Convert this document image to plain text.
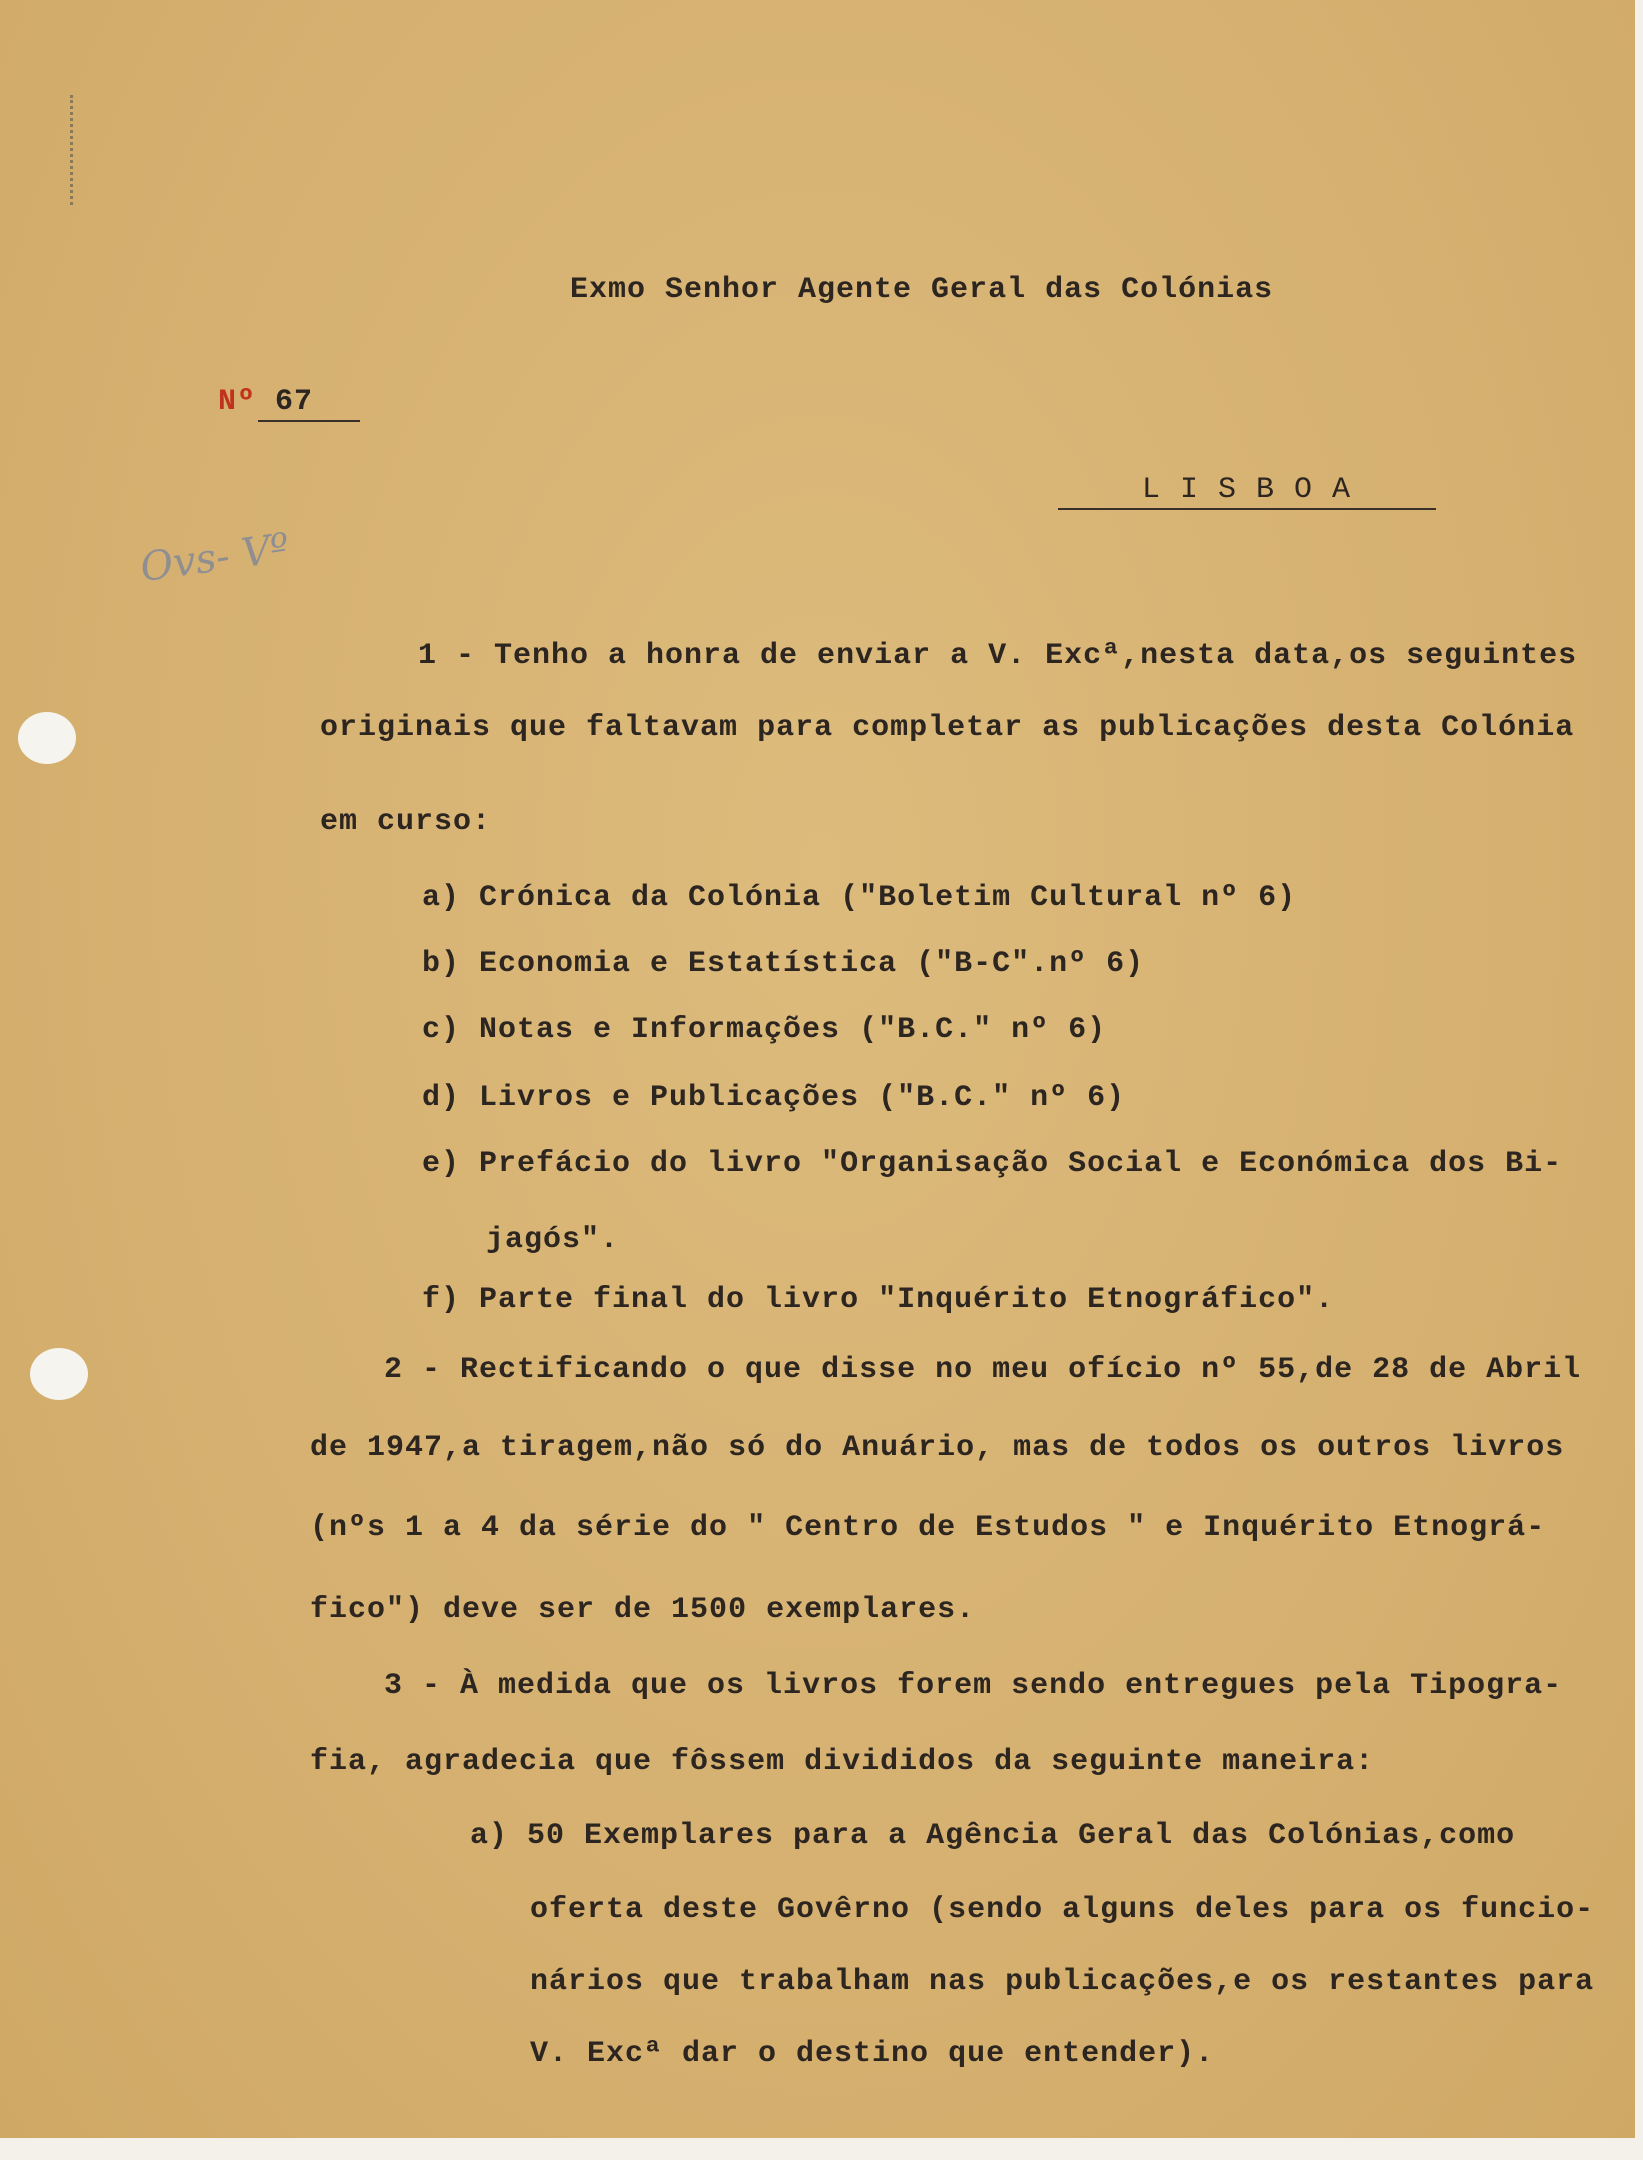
Exmo Senhor Agente Geral das Colónias
Nº 67
L I S B O A
Ovs- Vº
1 - Tenho a honra de enviar a V. Excª,nesta data,os seguintes
originais que faltavam para completar as publicações desta Colónia
em curso:
a) Crónica da Colónia ("Boletim Cultural nº 6)
b) Economia e Estatística ("B-C".nº 6)
c) Notas e Informações ("B.C." nº 6)
d) Livros e Publicações ("B.C." nº 6)
e) Prefácio do livro "Organisação Social e Económica dos Bi-
jagós".
f) Parte final do livro "Inquérito Etnográfico".
2 - Rectificando o que disse no meu ofício nº 55,de 28 de Abril
de 1947,a tiragem,não só do Anuário, mas de todos os outros livros
(nºs 1 a 4 da série do " Centro de Estudos " e Inquérito Etnográ-
fico") deve ser de 1500 exemplares.
3 - À medida que os livros forem sendo entregues pela Tipogra-
fia, agradecia que fôssem divididos da seguinte maneira:
a) 50 Exemplares para a Agência Geral das Colónias,como
oferta deste Govêrno (sendo alguns deles para os funcio-
nários que trabalham nas publicações,e os restantes para
V. Excª dar o destino que entender).
